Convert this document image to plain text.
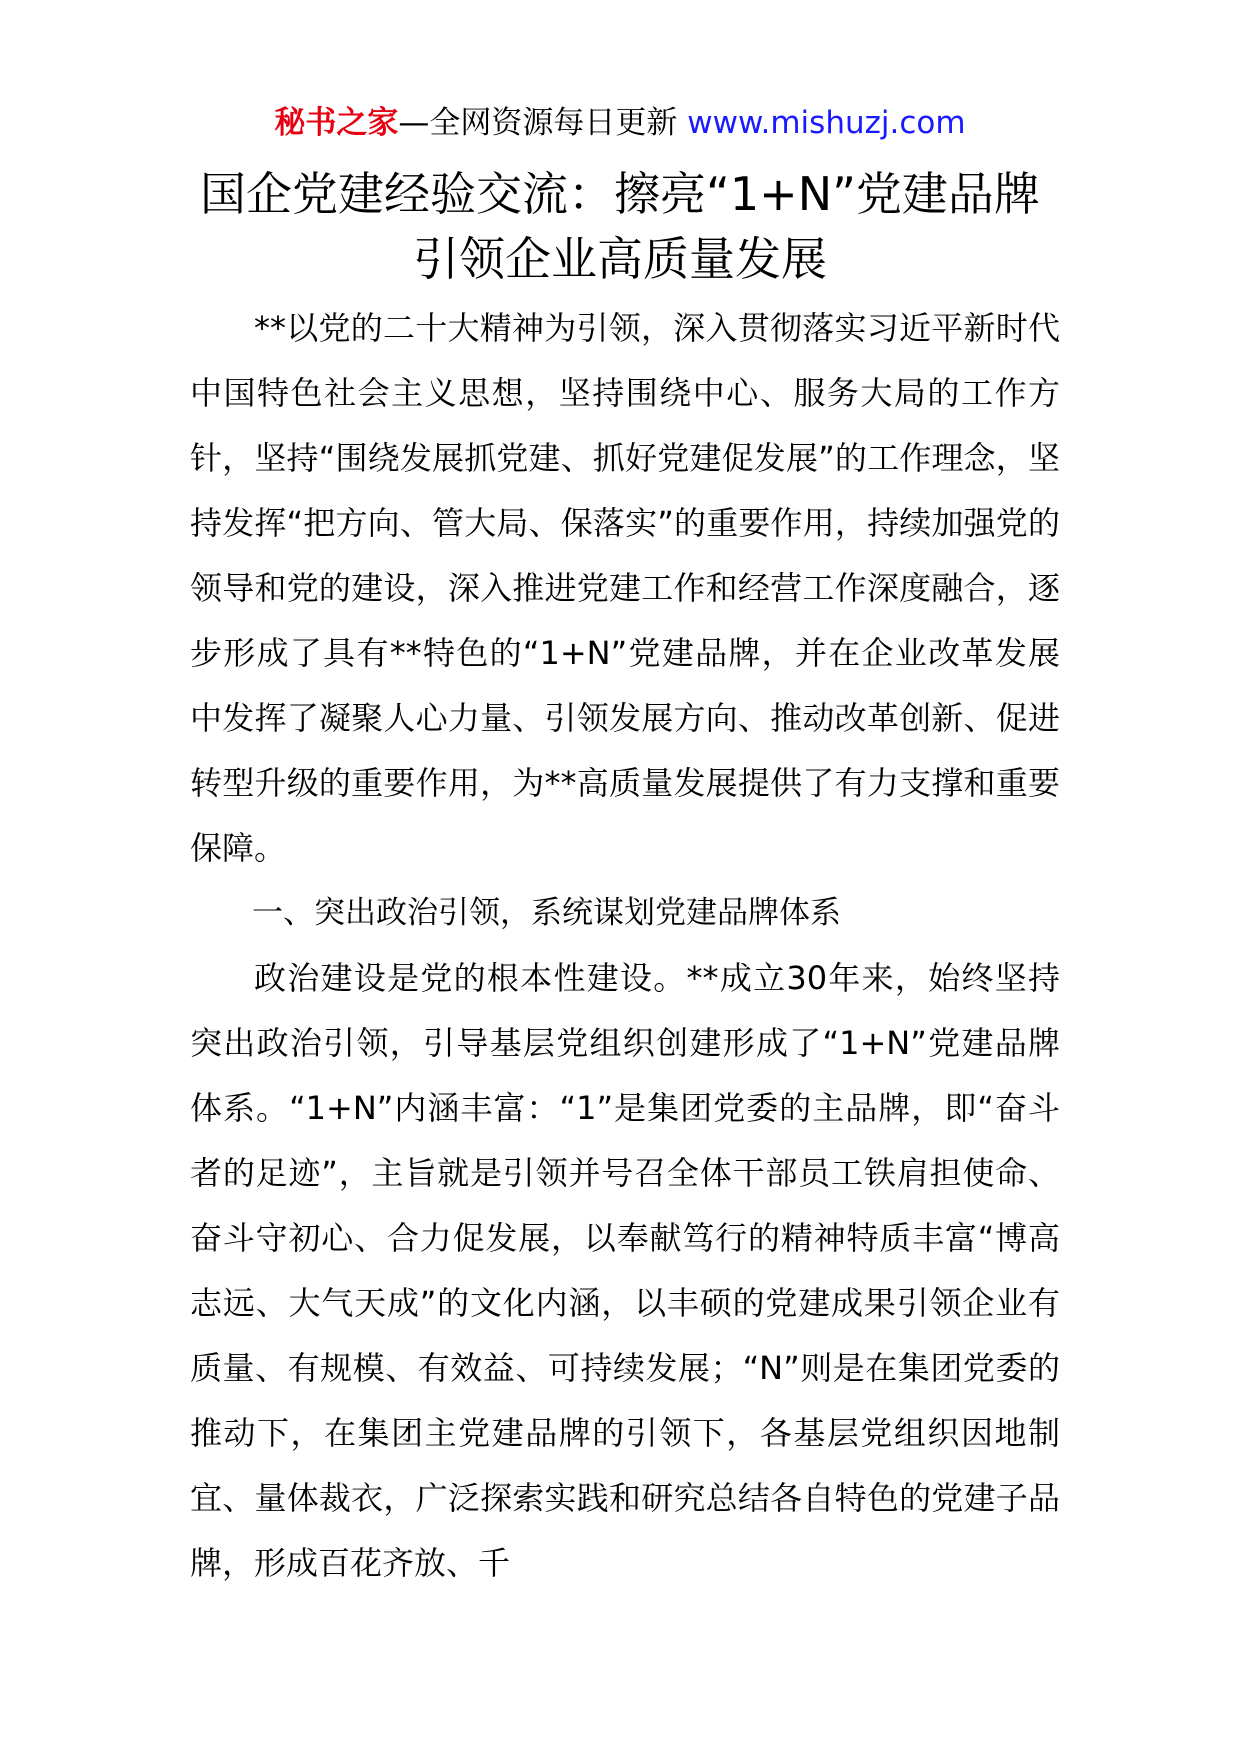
秘书之家—全网资源每日更新 www.mishuzj.com
国企党建经验交流：擦亮“1+N”党建品牌
引领企业高质量发展

**以党的二十大精神为引领，深入贯彻落实习近平新时代中国特色社会主义思想，坚持围绕中心、服务大局的工作方针，坚持“围绕发展抓党建、抓好党建促发展”的工作理念，坚持发挥“把方向、管大局、保落实”的重要作用，持续加强党的领导和党的建设，深入推进党建工作和经营工作深度融合，逐步形成了具有**特色的“1+N”党建品牌，并在企业改革发展中发挥了凝聚人心力量、引领发展方向、推动改革创新、促进转型升级的重要作用，为**高质量发展提供了有力支撑和重要保障。

一、突出政治引领，系统谋划党建品牌体系

政治建设是党的根本性建设。**成立30年来，始终坚持突出政治引领，引导基层党组织创建形成了“1+N”党建品牌体系。“1+N”内涵丰富：“1”是集团党委的主品牌，即“奋斗者的足迹”，主旨就是引领并号召全体干部员工铁肩担使命、奋斗守初心、合力促发展，以奉献笃行的精神特质丰富“博高志远、大气天成”的文化内涵，以丰硕的党建成果引领企业有质量、有规模、有效益、可持续发展；“N”则是在集团党委的推动下，在集团主党建品牌的引领下，各基层党组织因地制宜、量体裁衣，广泛探索实践和研究总结各自特色的党建子品牌，形成百花齐放、千
